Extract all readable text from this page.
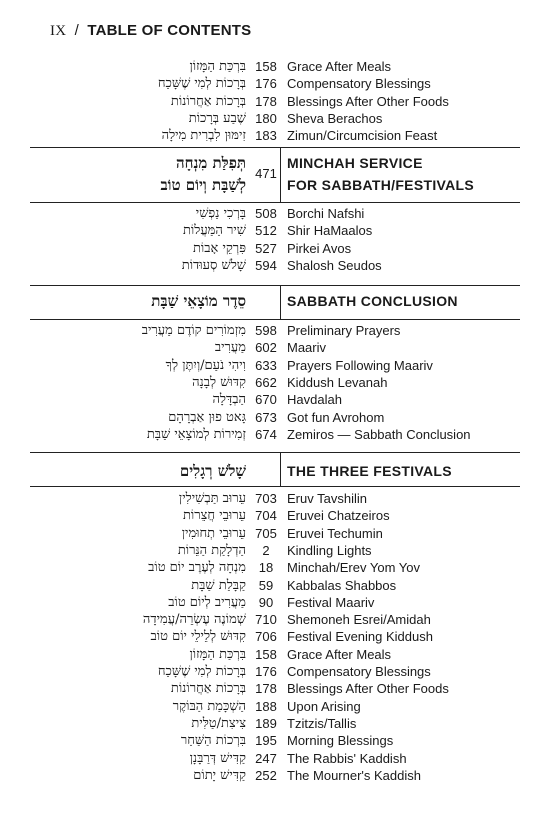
IX / TABLE OF CONTENTS
בִּרְכַּת הַמָּזוֹן 158 Grace After Meals
בְּרָכוֹת לְמִי שֶׁשָּׁכַח 176 Compensatory Blessings
בְּרָכוֹת אַחֲרוֹנוֹת 178 Blessings After Other Foods
שֶׁבַע בְּרָכוֹת 180 Sheva Berachos
זִימּוּן לִבְרִית מִילָה 183 Zimun/Circumcision Feast
תְּפִלַּת מִנְחָה
לְשַׁבָּת וְיוֹם טוֹב
471
MINCHAH SERVICE
FOR SABBATH/FESTIVALS
בָּרְכִי נַפְשִׁי 508 Borchi Nafshi
שִׁיר הַמַּעֲלוֹת 512 Shir HaMaalos
פִּרְקֵי אָבוֹת 527 Pirkei Avos
שָׁלֹשׁ סְעוּדוֹת 594 Shalosh Seudos
סֵדֶר מוֹצָאֵי שַׁבָּת	SABBATH CONCLUSION
מִזְמוֹרִים קוֹדֶם מַעֲרִיב 598 Preliminary Prayers
מַעֲרִיב 602 Maariv
וִיהִי נֹעַם/וְיִתֶּן לְךָ 633 Prayers Following Maariv
קִדּוּשׁ לְבָנָה 662 Kiddush Levanah
הַבְדָּלָה 670 Havdalah
גָּאט פוּן אַבְרָהָם 673 Got fun Avrohom
זְמִירוֹת לְמוֹצָאֵי שַׁבָּת 674 Zemiros — Sabbath Conclusion
שָׁלֹשׁ רְגָלִים	THE THREE FESTIVALS
עֵרוּב תַּבְשִׁילִין 703 Eruv Tavshilin
עֵרוּבֵי חֲצֵרוֹת 704 Eruvei Chatzeiros
עֵרוּבֵי תְחוּמִין 705 Eruvei Techumin
הַדְלָקַת הַנֵּרוֹת	2	Kindling Lights
מִנְחָה לְעֶרֶב יוֹם טוֹב 18	Minchah/Erev Yom Yov
קַבָּלַת שַׁבָּת 59	Kabbalas Shabbos
מַעֲרִיב לְיוֹם טוֹב 90	Festival Maariv
שְׁמוֹנֶה עֶשְׂרֵה/עֲמִידָה 710 Shemoneh Esrei/Amidah
קִדּוּשׁ לְלֵילֵי יוֹם טוֹב 706 Festival Evening Kiddush
בִּרְכַּת הַמָּזוֹן 158 Grace After Meals
בְּרָכוֹת לְמִי שֶׁשָּׁכַח 176 Compensatory Blessings
בְּרָכוֹת אַחֲרוֹנוֹת 178 Blessings After Other Foods
הַשְׁכָּמַת הַבּוֹקֶר 188 Upon Arising
צִיצִת/טַלִּית 189 Tzitzis/Tallis
בִּרְכוֹת הַשַּׁחַר 195 Morning Blessings
קַדִּישׁ דְּרַבָּנָן 247 The Rabbis' Kaddish
קַדִּישׁ יָתוֹם 252 The Mourner's Kaddish
